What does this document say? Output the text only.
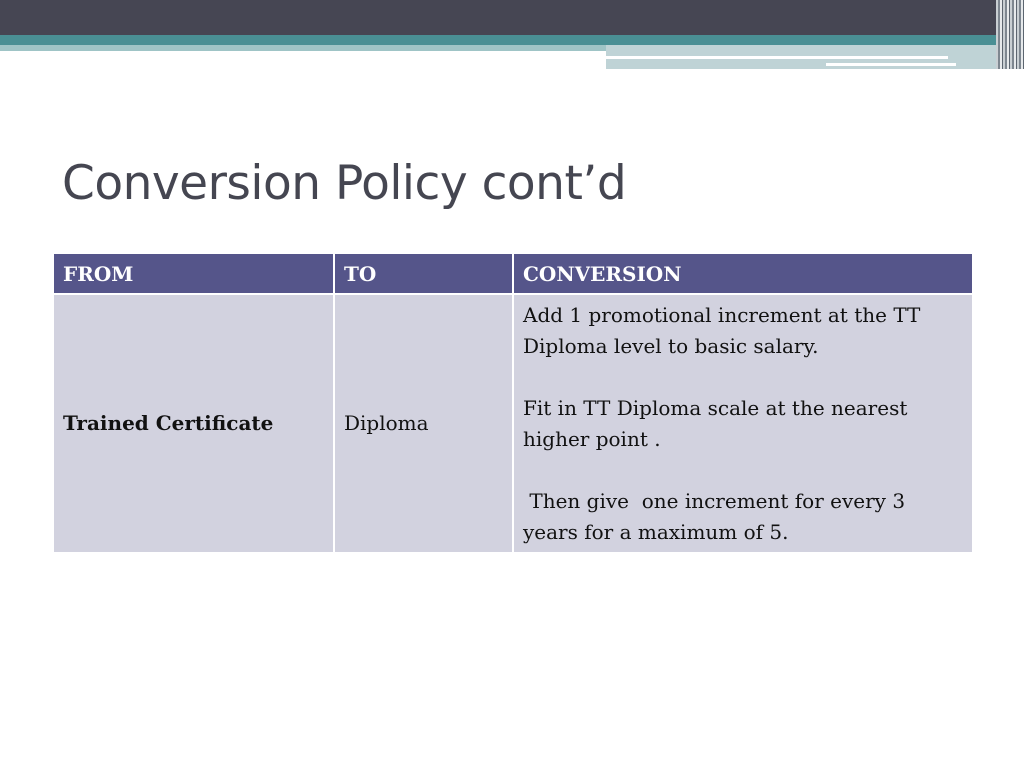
Conversion Policy cont’d
FROM	TO	CONVERSION
Trained Certificate	Diploma	Add 1 promotional increment at the TT Diploma level to basic salary.
Fit in TT Diploma scale at the nearest higher point .
Then give  one increment for every 3 years for a maximum of 5.
